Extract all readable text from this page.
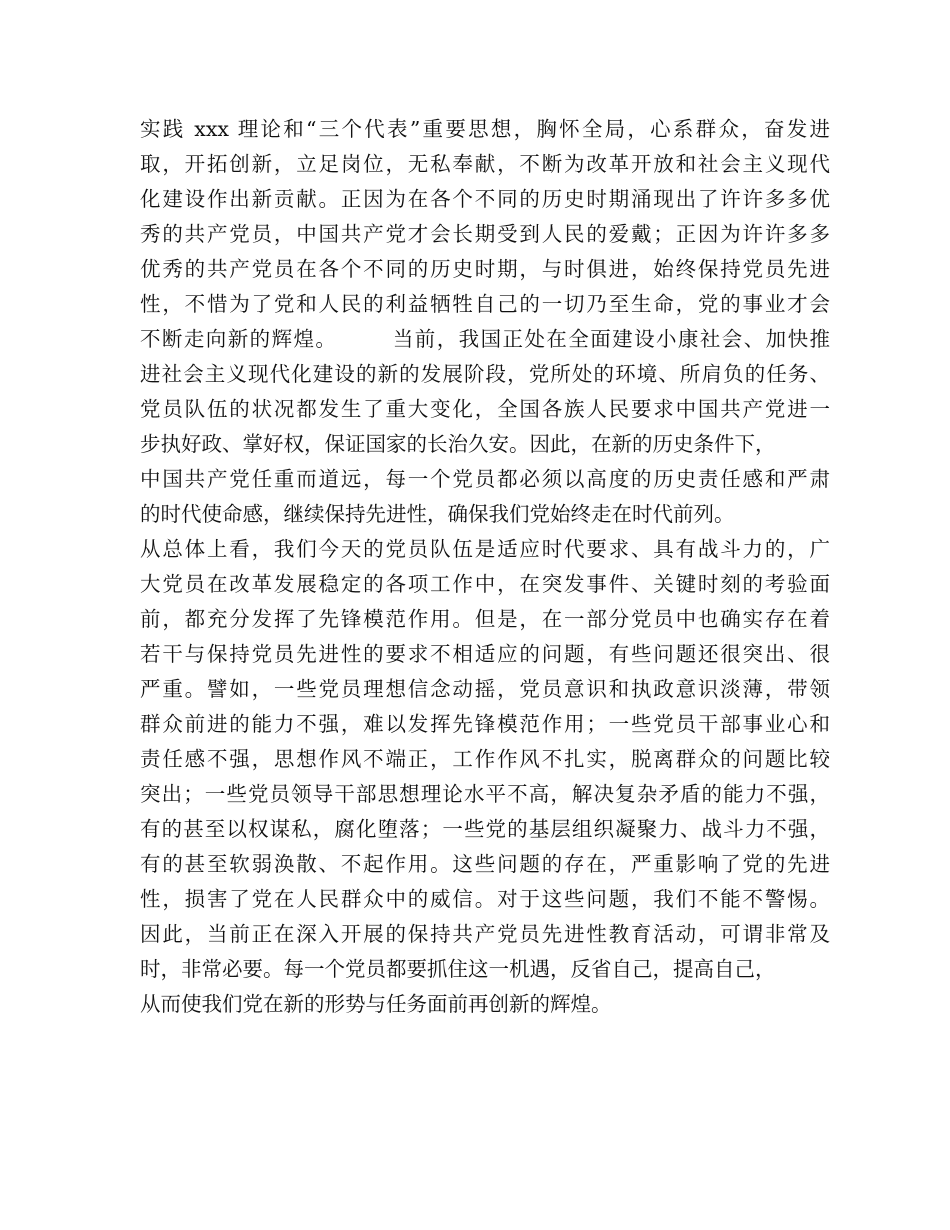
实践 xxx 理论和“三个代表”重要思想，胸怀全局，心系群众，奋发进
取，开拓创新，立足岗位，无私奉献，不断为改革开放和社会主义现代
化建设作出新贡献。正因为在各个不同的历史时期涌现出了许许多多优
秀的共产党员，中国共产党才会长期受到人民的爱戴；正因为许许多多
优秀的共产党员在各个不同的历史时期，与时俱进，始终保持党员先进
性，不惜为了党和人民的利益牺牲自己的一切乃至生命，党的事业才会
不断走向新的辉煌。　　　当前，我国正处在全面建设小康社会、加快推
进社会主义现代化建设的新的发展阶段，党所处的环境、所肩负的任务、
党员队伍的状况都发生了重大变化，全国各族人民要求中国共产党进一
步执好政、掌好权，保证国家的长治久安。因此，在新的历史条件下，
中国共产党任重而道远，每一个党员都必须以高度的历史责任感和严肃
的时代使命感，继续保持先进性，确保我们党始终走在时代前列。
从总体上看，我们今天的党员队伍是适应时代要求、具有战斗力的，广
大党员在改革发展稳定的各项工作中，在突发事件、关键时刻的考验面
前，都充分发挥了先锋模范作用。但是，在一部分党员中也确实存在着
若干与保持党员先进性的要求不相适应的问题，有些问题还很突出、很
严重。譬如，一些党员理想信念动摇，党员意识和执政意识淡薄，带领
群众前进的能力不强，难以发挥先锋模范作用；一些党员干部事业心和
责任感不强，思想作风不端正，工作作风不扎实，脱离群众的问题比较
突出；一些党员领导干部思想理论水平不高，解决复杂矛盾的能力不强，
有的甚至以权谋私，腐化堕落；一些党的基层组织凝聚力、战斗力不强，
有的甚至软弱涣散、不起作用。这些问题的存在，严重影响了党的先进
性，损害了党在人民群众中的威信。对于这些问题，我们不能不警惕。
因此，当前正在深入开展的保持共产党员先进性教育活动，可谓非常及
时，非常必要。每一个党员都要抓住这一机遇，反省自己，提高自己，
从而使我们党在新的形势与任务面前再创新的辉煌。
